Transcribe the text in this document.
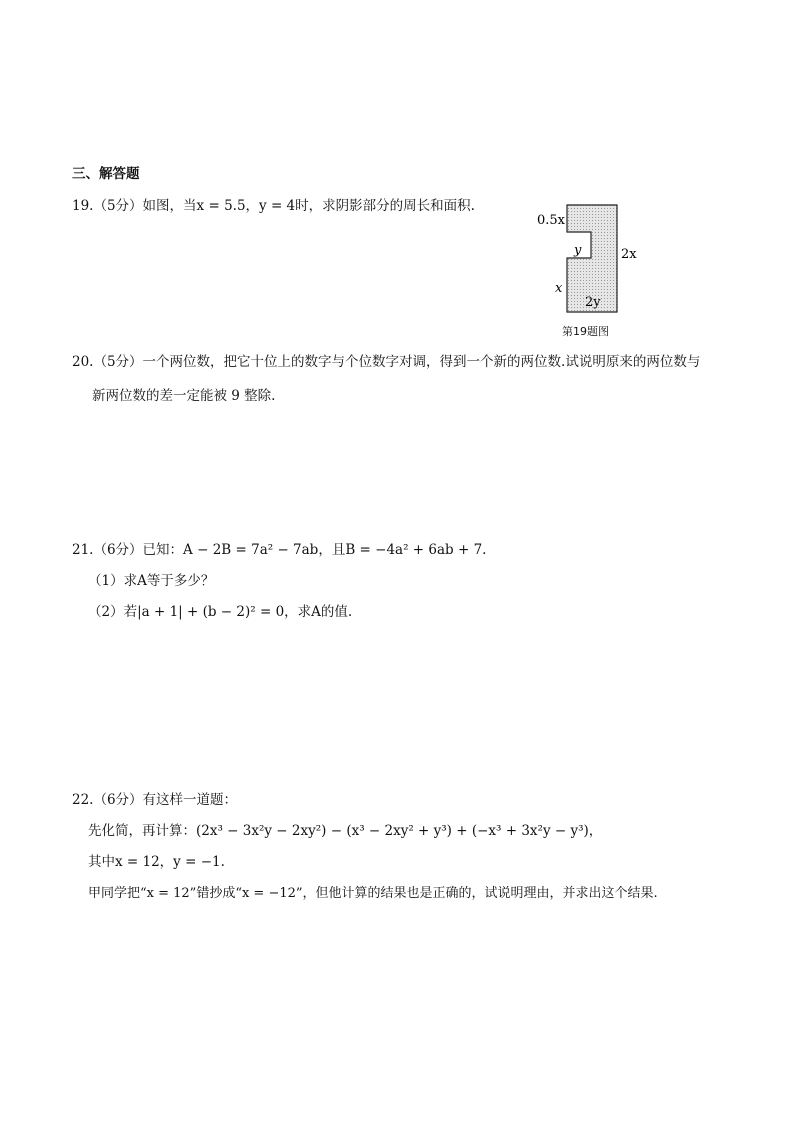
三、解答题
19.（5分）如图，当x = 5.5，y = 4时，求阴影部分的周长和面积.
0.5x
y	2x
x
2y
第19题图
20.（5分）一个两位数，把它十位上的数字与个位数字对调，得到一个新的两位数.试说明原来的两位数与
新两位数的差一定能被 9 整除.
21.（6分）已知：A − 2B = 7a² − 7ab，且B = −4a² + 6ab + 7.
（1）求A等于多少？
（2）若|a + 1| + (b − 2)² = 0，求A的值.
22.（6分）有这样一道题：
先化简，再计算：(2x³ − 3x²y − 2xy²) − (x³ − 2xy² + y³) + (−x³ + 3x²y − y³)，
其中x = 12，y = −1.
甲同学把“x = 12”错抄成“x = −12”，但他计算的结果也是正确的，试说明理由，并求出这个结果.
